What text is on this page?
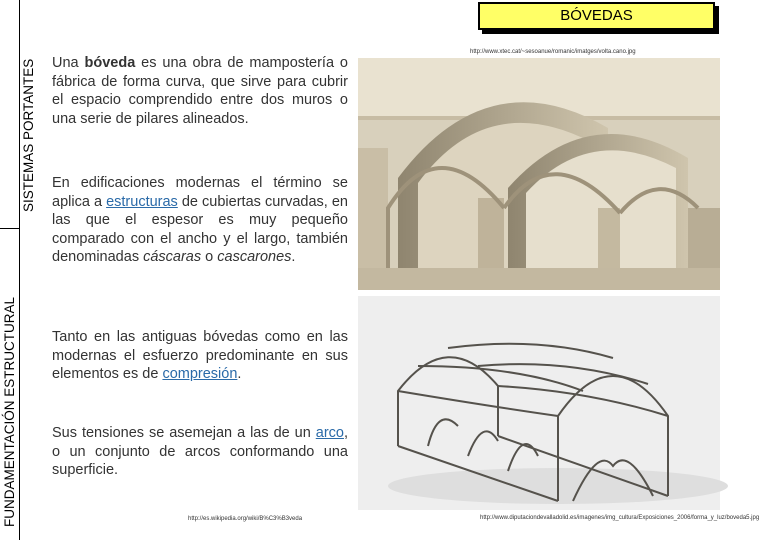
SISTEMAS PORTANTES
FUNDAMENTACIÓN ESTRUCTURAL
BÓVEDAS
http://www.xtec.cat/~sesoanue/romanic/imatges/volta.cano.jpg
Una bóveda es una obra de mampostería o fábrica de forma curva, que sirve para cubrir el espacio comprendido entre dos muros o una serie de pilares alineados.
En edificaciones modernas el término se aplica a estructuras de cubiertas curvadas, en las que el espesor es muy pequeño comparado con el ancho y el largo, también denominadas cáscaras o cascarones.
Tanto en las antiguas bóvedas como en las modernas el esfuerzo predominante en sus elementos es de compresión.
Sus tensiones se asemejan a las de un arco, o un conjunto de arcos conformando una superficie.
http://es.wikipedia.org/wiki/B%C3%B3veda	http://www.diputaciondevalladolid.es/imagenes/img_cultura/Exposiciones_2006/forma_y_luz/boveda5.jpg
